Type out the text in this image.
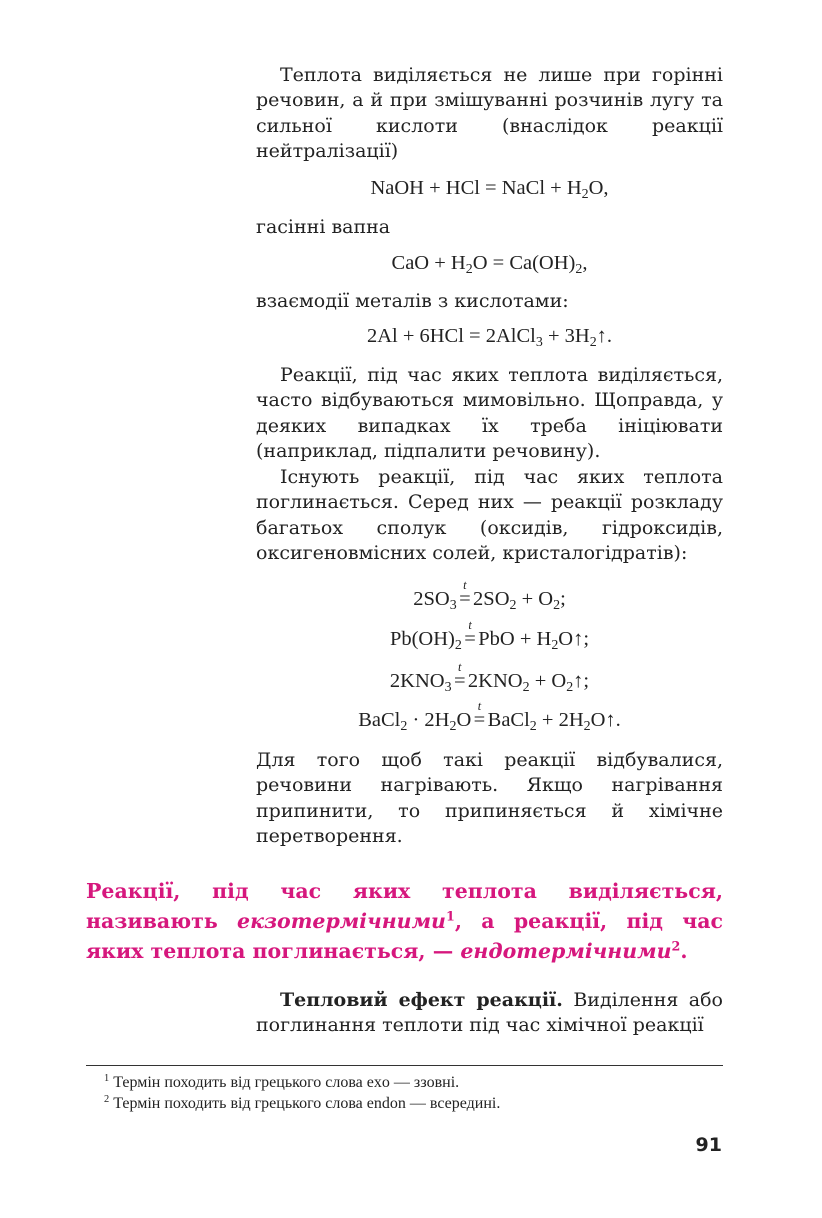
Теплота виділяється не лише при горінні речовин, а й при змішуванні розчинів лугу та сильної кислоти (внаслідок реакції нейтралізації)

NaOH + HCl = NaCl + $H_2O$,

гасінні вапна

CaO + $H_2O = Ca(OH)_2$,

взаємодії металів з кислотами:

2Al + 6HCl = 2AlCl$_3$ + $3H_2↑$.

Реакції, під час яких теплота виділяється, часто відбуваються мимовільно. Щоправда, у деяких випадках їх треба ініціювати (наприклад, підпалити речовину).

Існують реакції, під час яких теплота поглинається. Серед них — реакції розкладу багатьох сполук (оксидів, гідроксидів, оксигеновмісних солей, кристалогідратів):

$2SO_3$ =
t
$2SO_2 + O_2$;
$Pb(OH)_2$ =
t
PbO + $H_2O↑$;
$2KNO_3$ =
t
$2KNO_2$ + $O_2↑$;
BaCl$_2$ · $2H_2O$ =
t
BaCl$_2$ + $2H_2O↑$.

Для того щоб такі реакції відбувалися, речовини нагрівають. Якщо нагрівання припинити, то припиняється й хімічне перетворення.

Реакції, під час яких теплота виділяється, називають екзотермічними$^1$, а реакції, під час яких теплота поглинається, — ендотермічними$^2$.

Тепловий ефект реакції. Виділення або поглинання теплоти під час хімічної реакції

$^1$ Термін походить від грецького слова exo — ззовні.
$^2$ Термін походить від грецького слова endon — всередині.
91
